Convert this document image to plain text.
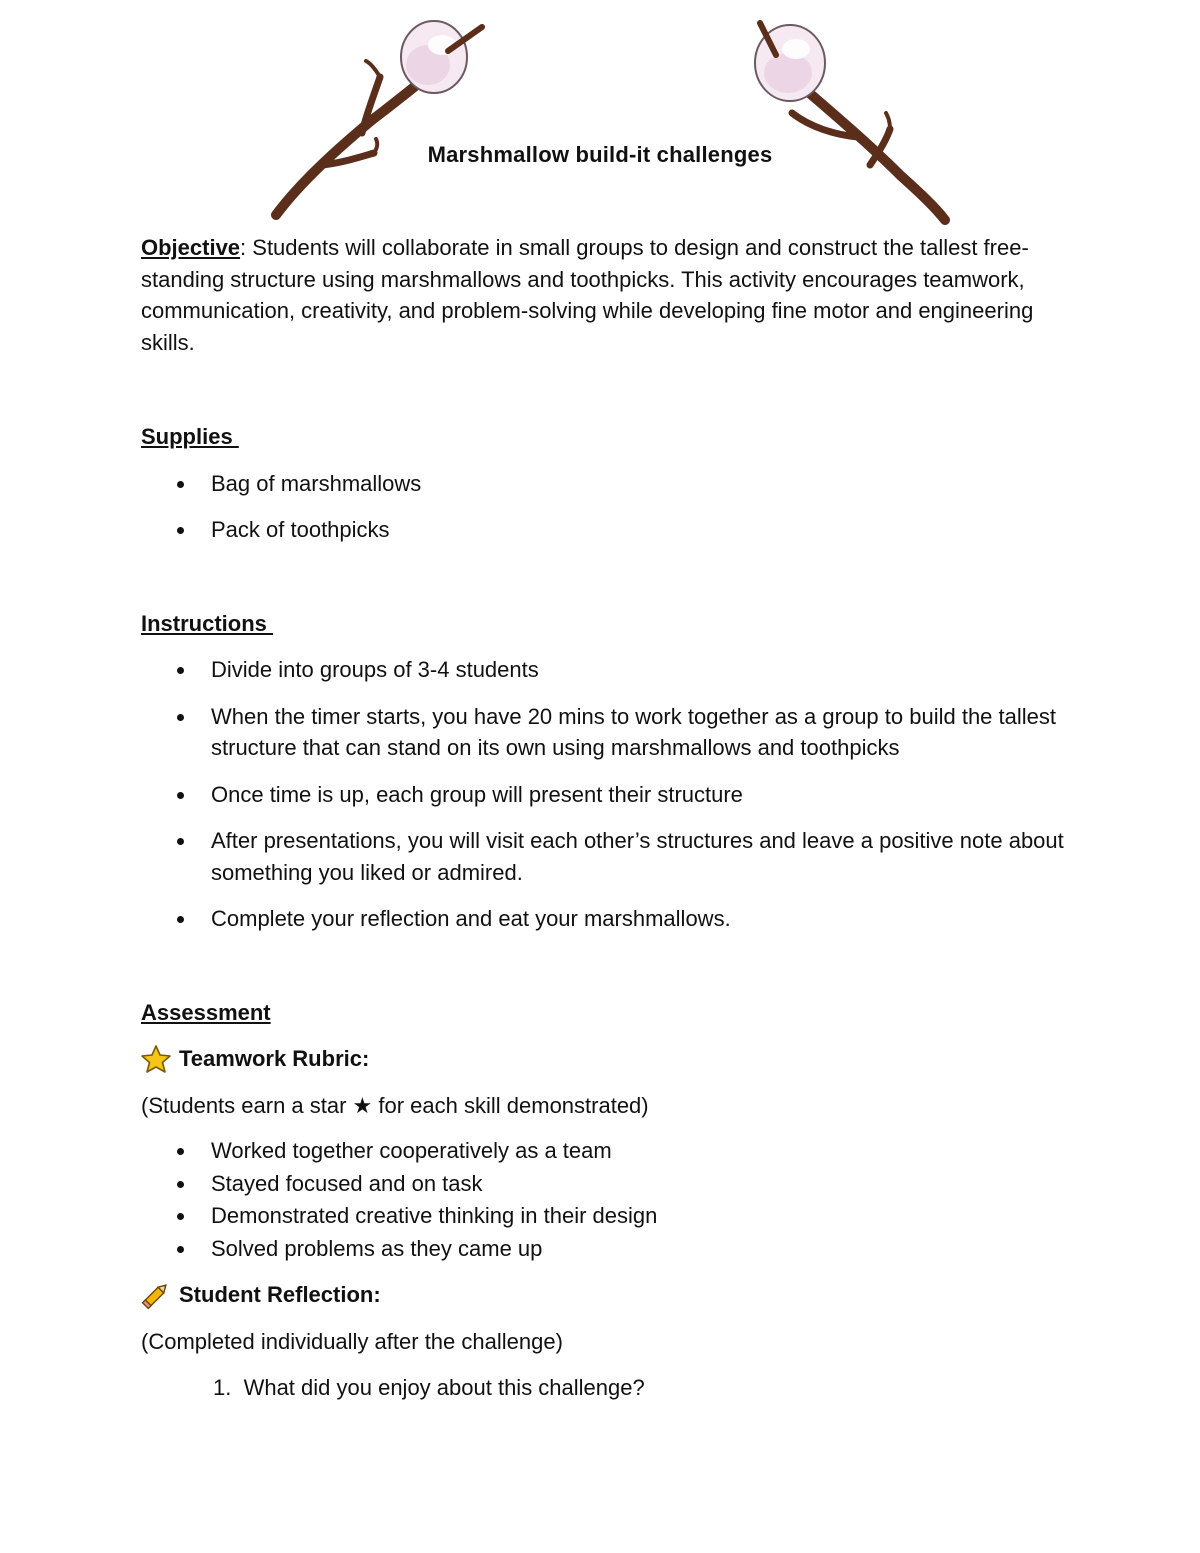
Marshmallow build-it challenges

Objective: Students will collaborate in small groups to design and construct the tallest free-standing structure using marshmallows and toothpicks. This activity encourages teamwork, communication, creativity, and problem-solving while developing fine motor and engineering skills.

Supplies

Bag of marshmallows
Pack of toothpicks

Instructions

Divide into groups of 3-4 students
When the timer starts, you have 20 mins to work together as a group to build the tallest structure that can stand on its own using marshmallows and toothpicks
Once time is up, each group will present their structure
After presentations, you will visit each other’s structures and leave a positive note about something you liked or admired.
Complete your reflection and eat your marshmallows.

Assessment

Teamwork Rubric:

(Students earn a star ★ for each skill demonstrated)

Worked together cooperatively as a team
Stayed focused and on task
Demonstrated creative thinking in their design
Solved problems as they came up
Student Reflection:

(Completed individually after the challenge)

1.  What did you enjoy about this challenge?
